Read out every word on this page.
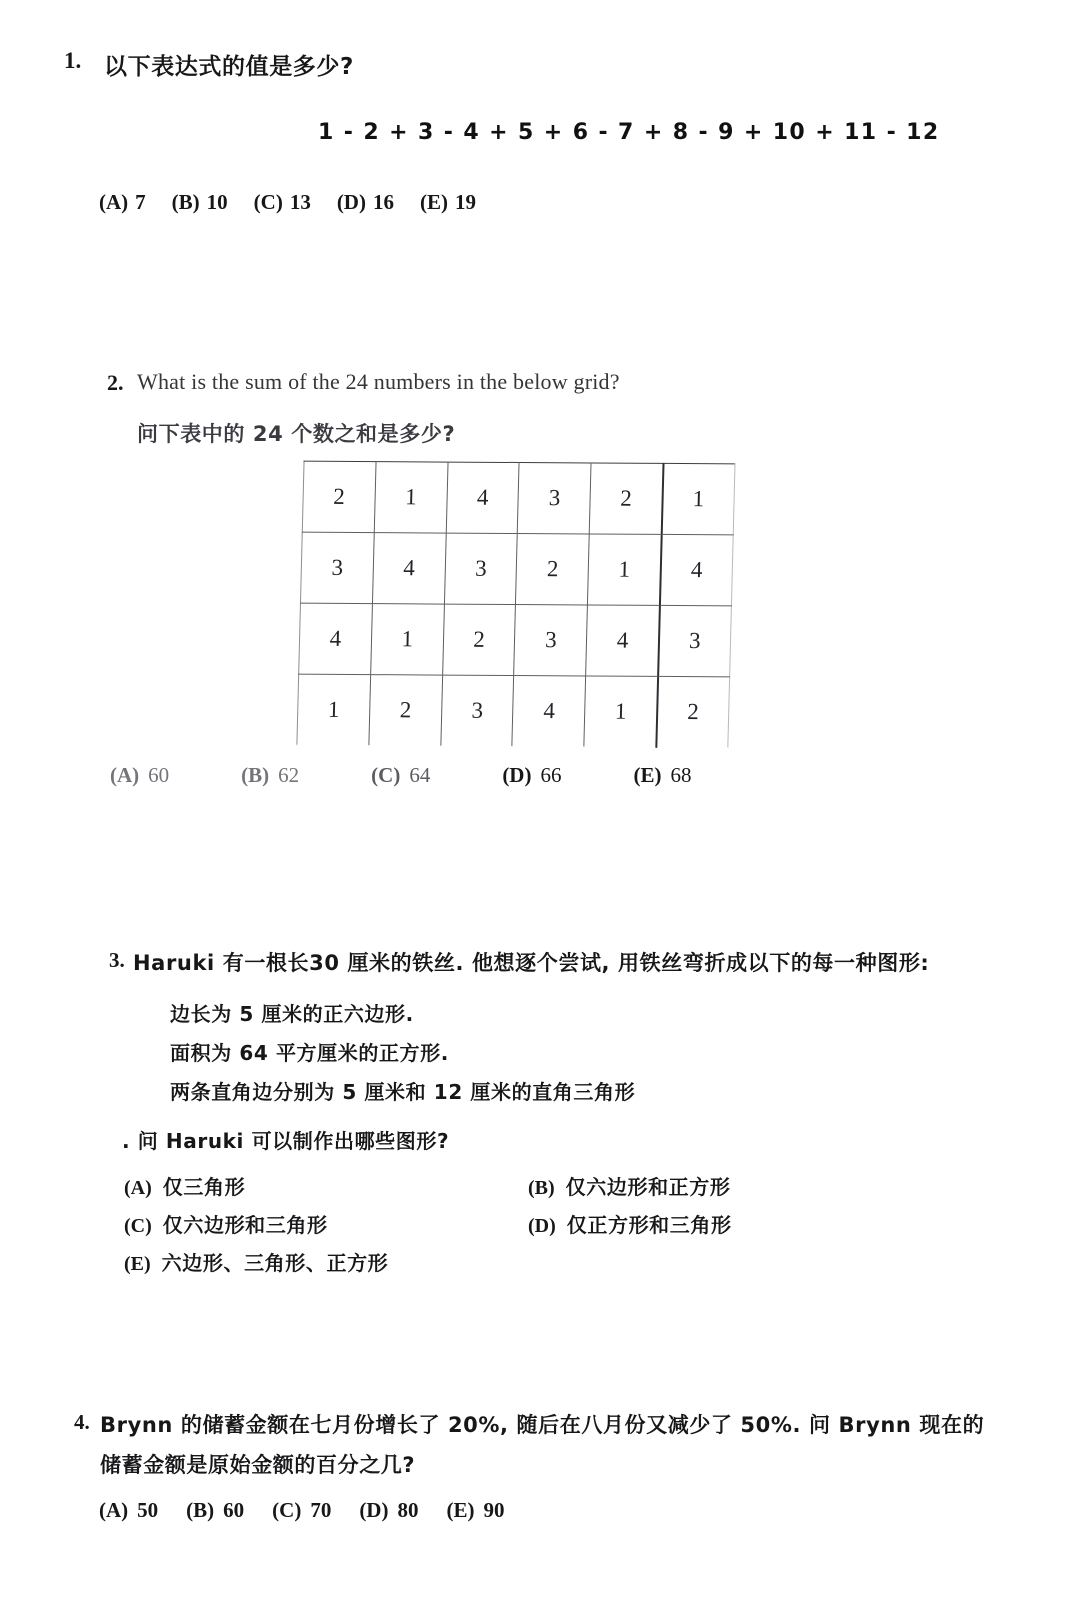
1. 以下表达式的值是多少?
1 - 2 + 3 - 4 + 5 + 6 - 7 + 8 - 9 + 10 + 11 - 12
(A) 7 (B) 10 (C) 13 (D) 16 (E) 19
2. What is the sum of the 24 numbers in the below grid?
问下表中的 24 个数之和是多少?
2	1	4	3	2	1
3	4	3	2	1	4
4	1	2	3	4	3
1	2	3	4	1	2
(A) 60	(B) 62	(C) 64	(D) 66	(E) 68
3. Haruki 有一根长30 厘米的铁丝. 他想逐个尝试, 用铁丝弯折成以下的每一种图形:
边长为 5 厘米的正六边形.
面积为 64 平方厘米的正方形.
两条直角边分别为 5 厘米和 12 厘米的直角三角形
. 问 Haruki 可以制作出哪些图形?
(A) 仅三角形	(B) 仅六边形和正方形
(C) 仅六边形和三角形	(D) 仅正方形和三角形
(E) 六边形、三角形、正方形
4. Brynn 的储蓄金额在七月份增长了 20%, 随后在八月份又减少了 50%. 问 Brynn 现在的
储蓄金额是原始金额的百分之几?
(A) 50 (B) 60 (C) 70 (D) 80 (E) 90
